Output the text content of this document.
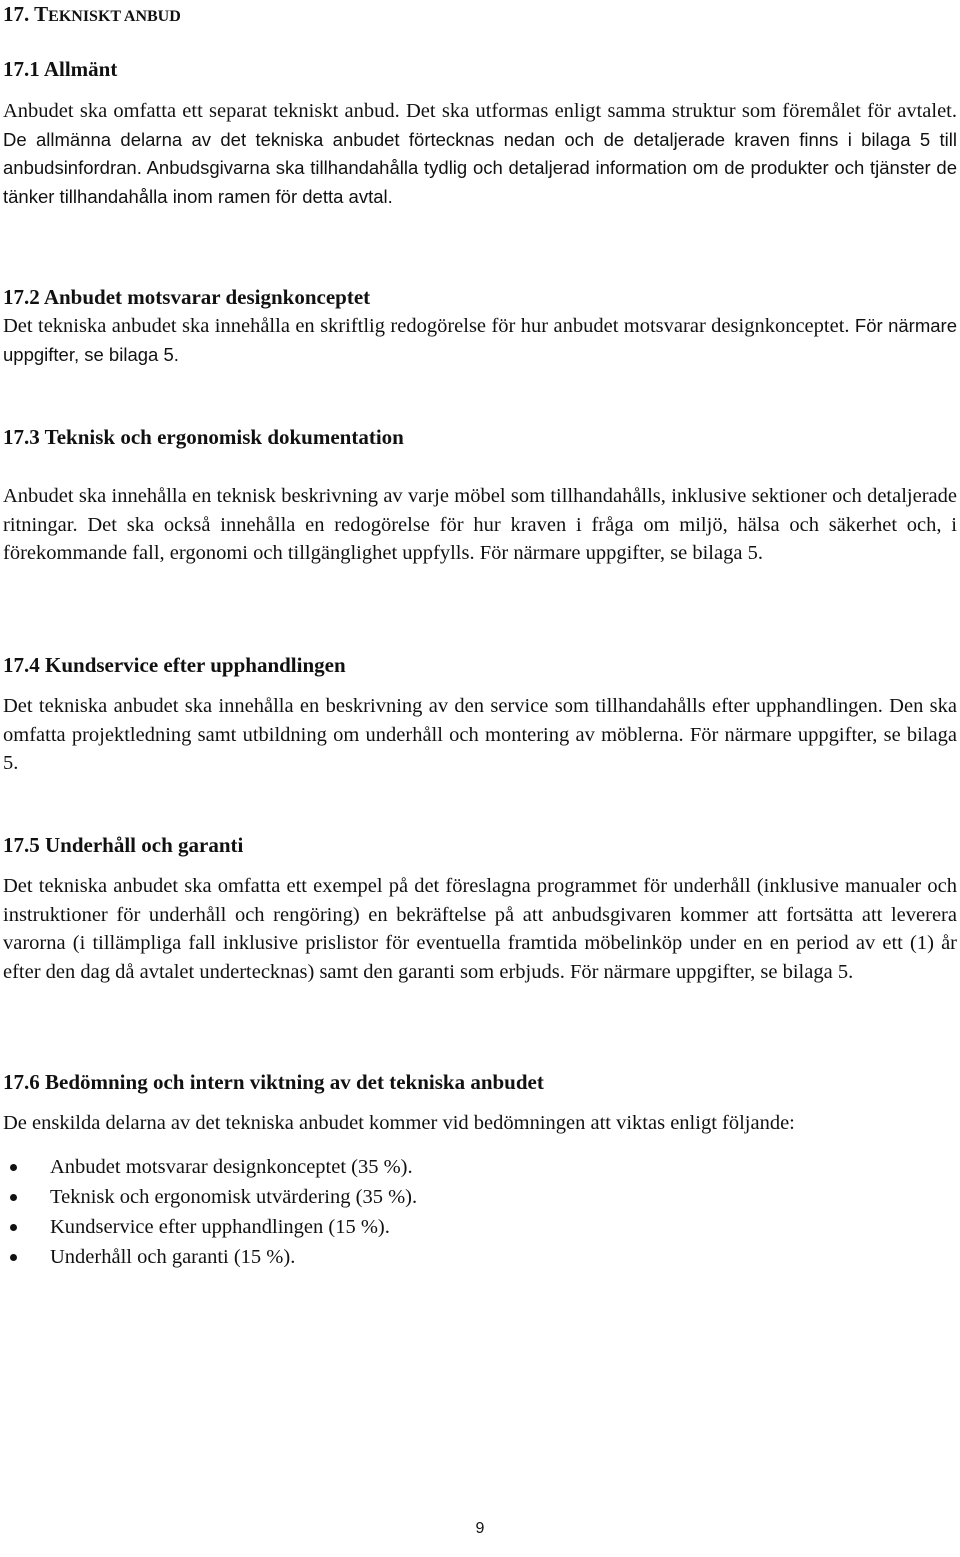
17. TEKNISKT ANBUD
17.1 Allmänt

Anbudet ska omfatta ett separat tekniskt anbud. Det ska utformas enligt samma struktur som föremålet för avtalet. De allmänna delarna av det tekniska anbudet förtecknas nedan och de detaljerade kraven finns i bilaga 5 till anbudsinfordran. Anbudsgivarna ska tillhandahålla tydlig och detaljerad information om de produkter och tjänster de tänker tillhandahålla inom ramen för detta avtal.

17.2 Anbudet motsvarar designkonceptet

Det tekniska anbudet ska innehålla en skriftlig redogörelse för hur anbudet motsvarar designkonceptet. För närmare uppgifter, se bilaga 5.

17.3 Teknisk och ergonomisk dokumentation

Anbudet ska innehålla en teknisk beskrivning av varje möbel som tillhandahålls, inklusive sektioner och detaljerade ritningar. Det ska också innehålla en redogörelse för hur kraven i fråga om miljö, hälsa och säkerhet och, i förekommande fall, ergonomi och tillgänglighet uppfylls. För närmare uppgifter, se bilaga 5.

17.4 Kundservice efter upphandlingen

Det tekniska anbudet ska innehålla en beskrivning av den service som tillhandahålls efter upphandlingen. Den ska omfatta projektledning samt utbildning om underhåll och montering av möblerna. För närmare uppgifter, se bilaga 5.

17.5 Underhåll och garanti

Det tekniska anbudet ska omfatta ett exempel på det föreslagna programmet för underhåll (inklusive manualer och instruktioner för underhåll och rengöring) en bekräftelse på att anbudsgivaren kommer att fortsätta att leverera varorna (i tillämpliga fall inklusive prislistor för eventuella framtida möbelinköp under en en period av ett (1) år efter den dag då avtalet undertecknas) samt den garanti som erbjuds. För närmare uppgifter, se bilaga 5.

17.6 Bedömning och intern viktning av det tekniska anbudet

De enskilda delarna av det tekniska anbudet kommer vid bedömningen att viktas enligt följande:

Anbudet motsvarar designkonceptet (35 %).
Teknisk och ergonomisk utvärdering (35 %).
Kundservice efter upphandlingen (15 %).
Underhåll och garanti (15 %).
9
